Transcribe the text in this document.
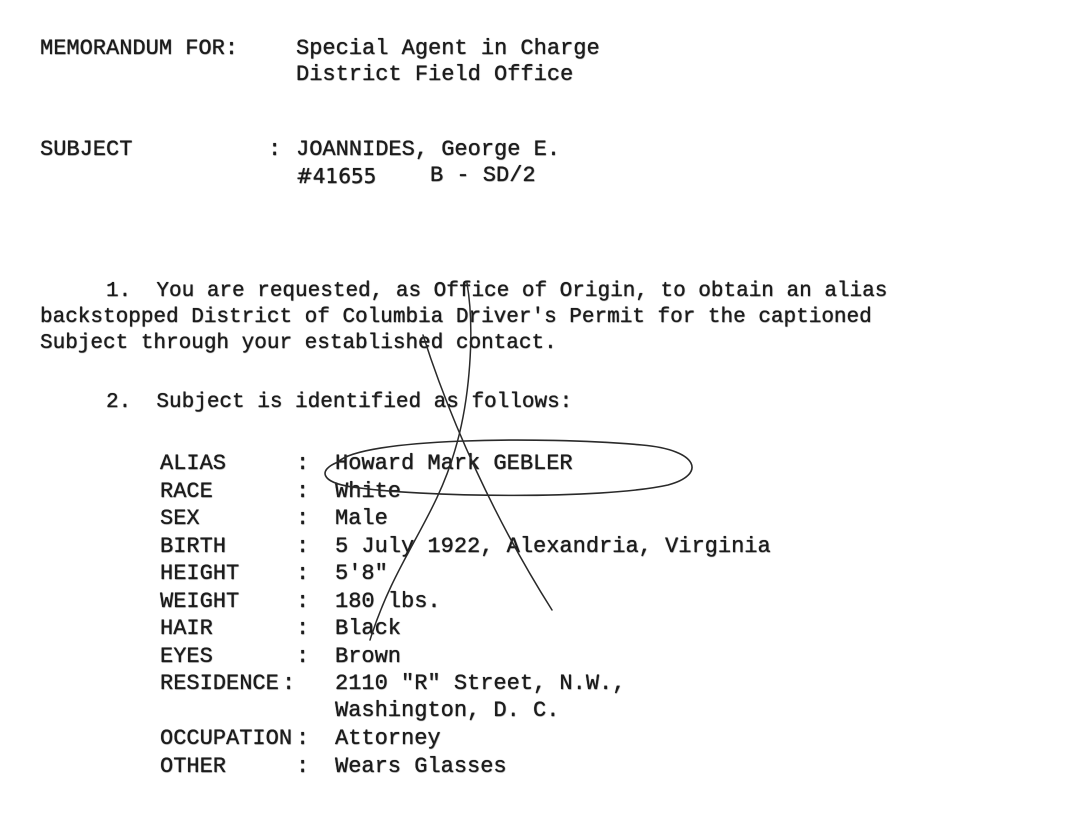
MEMORANDUM FOR:	Special Agent in Charge
District Field Office
SUBJECT	: JOANNIDES, George E.
#41655 B - SD/2
1.  You are requested, as Office of Origin, to obtain an alias
backstopped District of Columbia Driver's Permit for the captioned
Subject through your established contact.
2.  Subject is identified as follows:
ALIAS	: Howard Mark GEBLER
RACE	: White
SEX	: Male
BIRTH	: 5 July 1922, Alexandria, Virginia
HEIGHT	: 5'8"
WEIGHT	: 180 lbs.
HAIR	: Black
EYES	: Brown
RESIDENCE : 2110 "R" Street, N.W.,
Washington, D. C.
OCCUPATION : Attorney
OTHER	: Wears Glasses
